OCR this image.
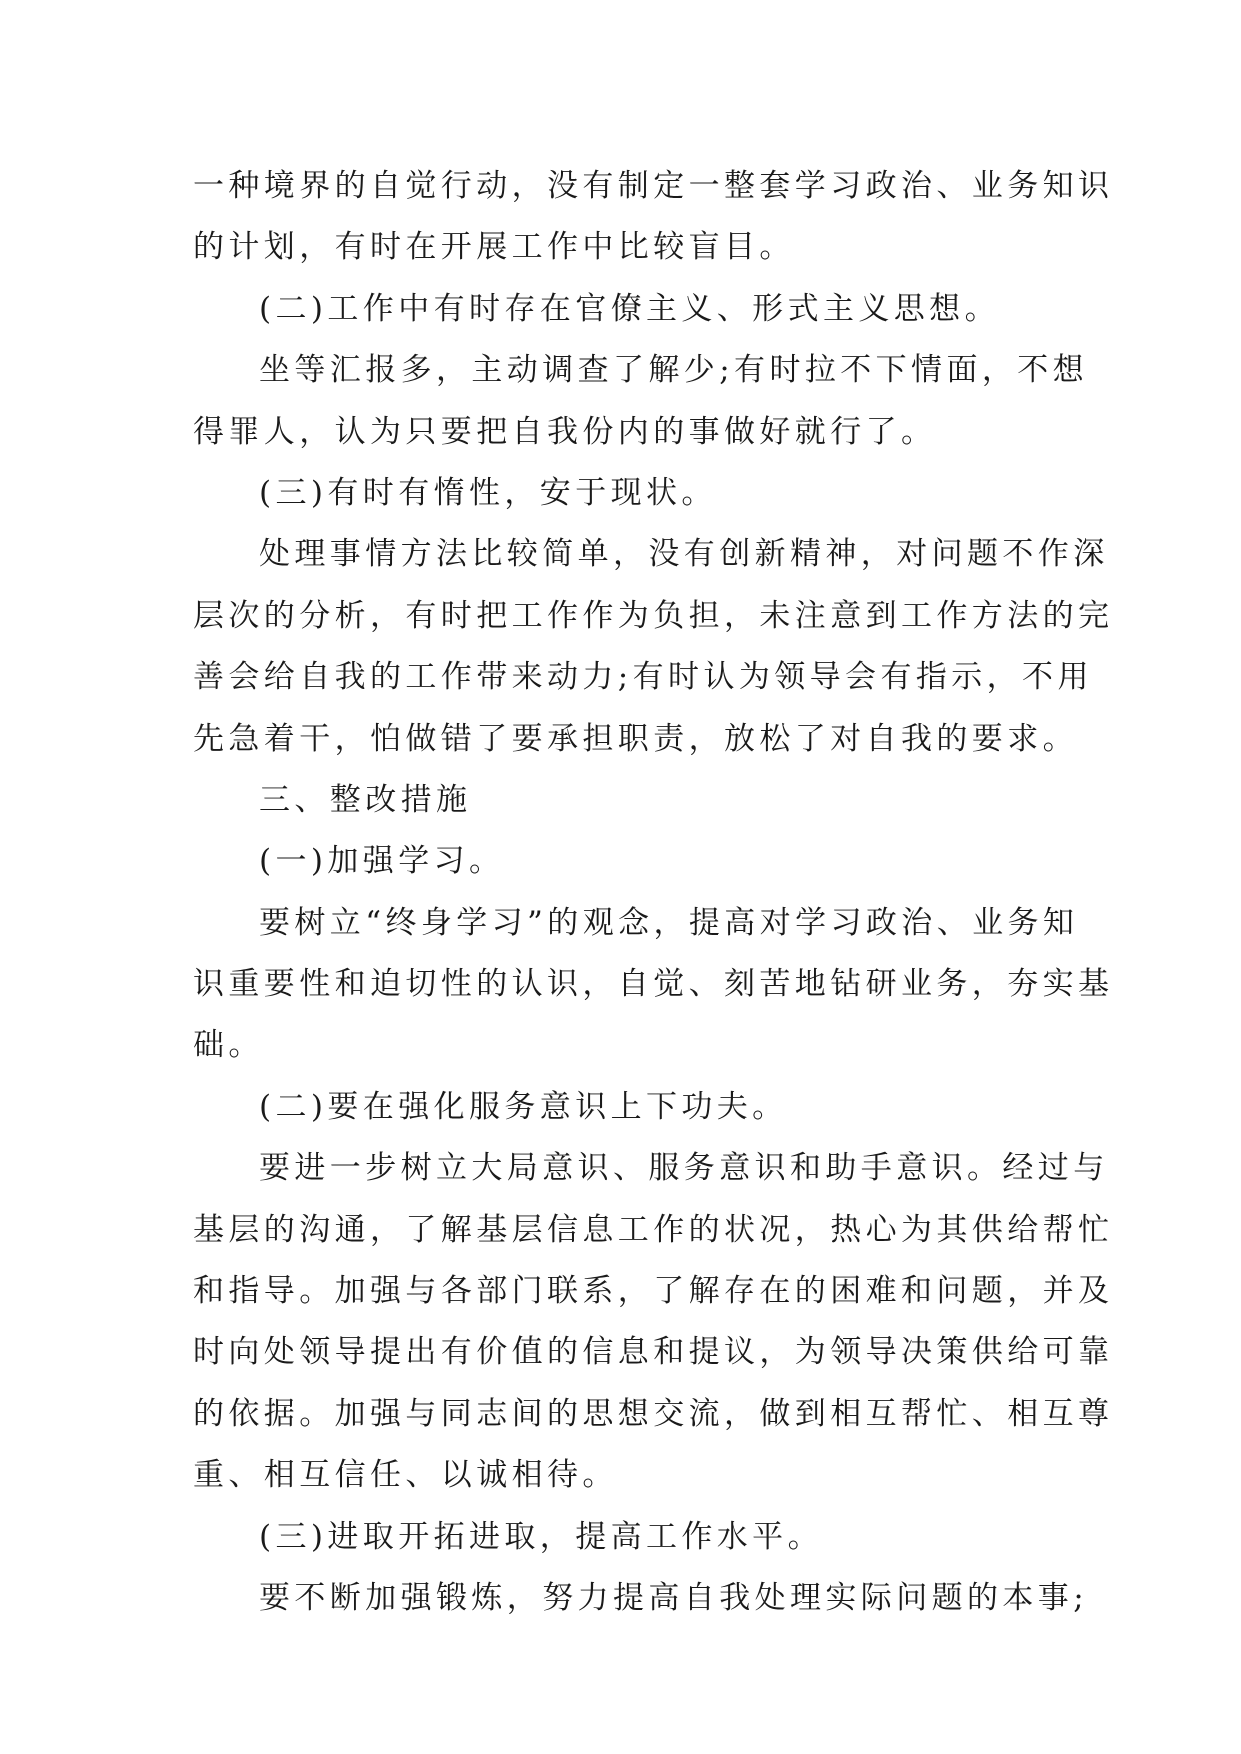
一种境界的自觉行动，没有制定一整套学习政治、业务知识
的计划，有时在开展工作中比较盲目。
(二)工作中有时存在官僚主义、形式主义思想。
坐等汇报多，主动调查了解少;有时拉不下情面，不想
得罪人，认为只要把自我份内的事做好就行了。
(三)有时有惰性，安于现状。
处理事情方法比较简单，没有创新精神，对问题不作深
层次的分析，有时把工作作为负担，未注意到工作方法的完
善会给自我的工作带来动力;有时认为领导会有指示，不用
先急着干，怕做错了要承担职责，放松了对自我的要求。
三、整改措施
(一)加强学习。
要树立“终身学习”的观念，提高对学习政治、业务知
识重要性和迫切性的认识，自觉、刻苦地钻研业务，夯实基
础。
(二)要在强化服务意识上下功夫。
要进一步树立大局意识、服务意识和助手意识。经过与
基层的沟通，了解基层信息工作的状况，热心为其供给帮忙
和指导。加强与各部门联系，了解存在的困难和问题，并及
时向处领导提出有价值的信息和提议，为领导决策供给可靠
的依据。加强与同志间的思想交流，做到相互帮忙、相互尊
重、相互信任、以诚相待。
(三)进取开拓进取，提高工作水平。
要不断加强锻炼，努力提高自我处理实际问题的本事;
